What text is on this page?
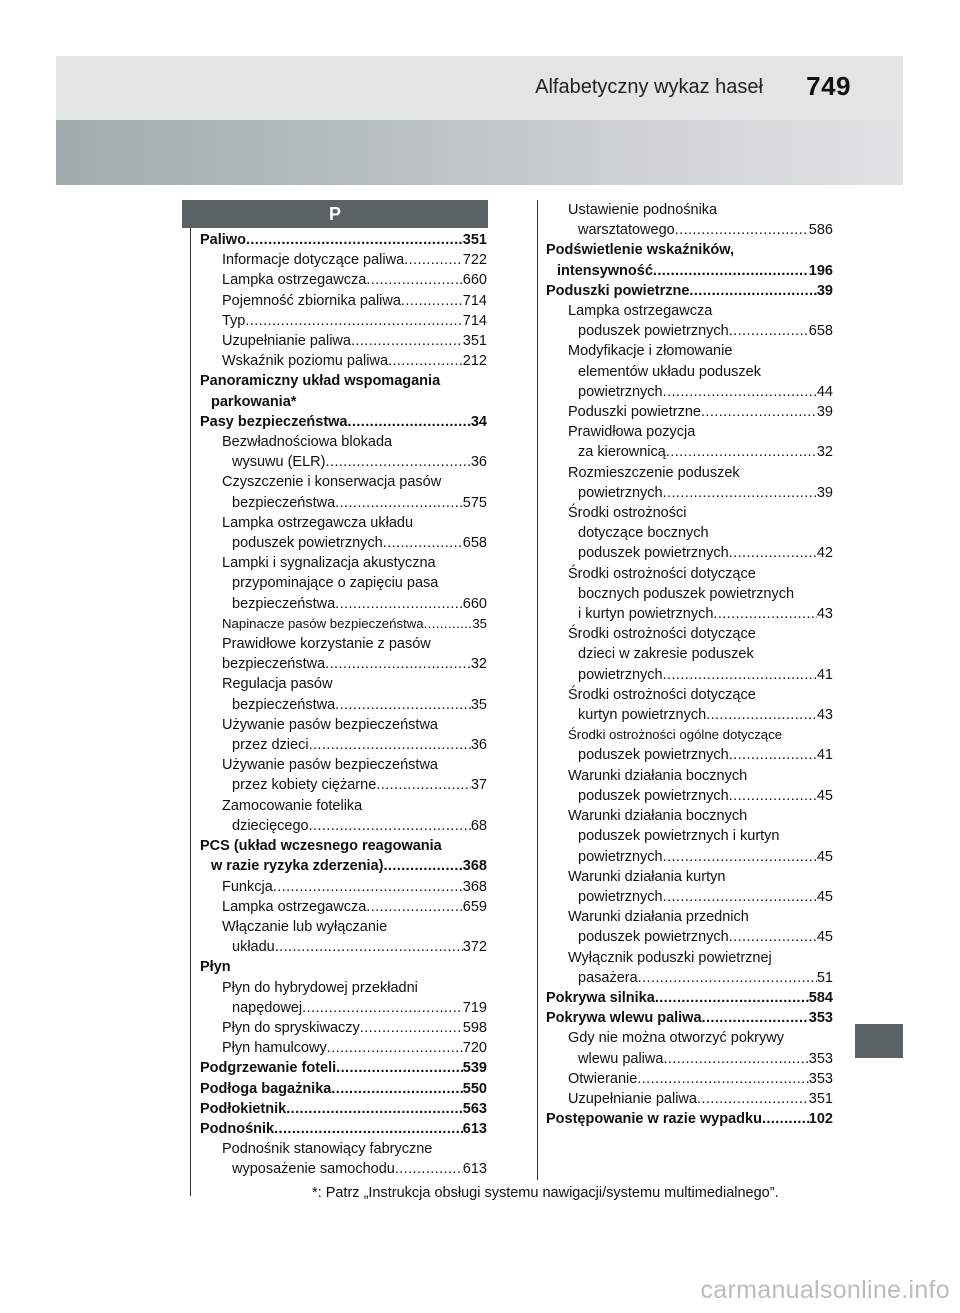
Alfabetyczny wykaz haseł 749
P
Paliwo .....	351
Informacje dotyczące paliwa .....	722
Lampka ostrzegawcza .....	660
Pojemność zbiornika paliwa .....	714
Typ .....	714
Uzupełnianie paliwa .....	351
Wskaźnik poziomu paliwa .....	212
Panoramiczny układ wspomagania
parkowania*
Pasy bezpieczeństwa .....	34
Bezwładnościowa blokada
wysuwu (ELR) .....	36
Czyszczenie i konserwacja pasów
bezpieczeństwa .....	575
Lampka ostrzegawcza układu
poduszek powietrznych .....	658
Lampki i sygnalizacja akustyczna
przypominające o zapięciu pasa
bezpieczeństwa .....	660
Napinacze pasów bezpieczeństwa .....	35
Prawidłowe korzystanie z pasów
bezpieczeństwa .....	32
Regulacja pasów
bezpieczeństwa .....	35
Używanie pasów bezpieczeństwa
przez dzieci .....	36
Używanie pasów bezpieczeństwa
przez kobiety ciężarne .....	37
Zamocowanie fotelika
dziecięcego .....	68
PCS (układ wczesnego reagowania
w razie ryzyka zderzenia) .....	368
Funkcja .....	368
Lampka ostrzegawcza .....	659
Włączanie lub wyłączanie
układu .....	372
Płyn
Płyn do hybrydowej przekładni
napędowej .....	719
Płyn do spryskiwaczy .....	598
Płyn hamulcowy .....	720
Podgrzewanie foteli .....	539
Podłoga bagażnika .....	550
Podłokietnik .....	563
Podnośnik .....	613
Podnośnik stanowiący fabryczne
wyposażenie samochodu .....	613
Ustawienie podnośnika
warsztatowego .....	586
Podświetlenie wskaźników,
intensywność .....	196
Poduszki powietrzne .....	39
Lampka ostrzegawcza
poduszek powietrznych .....	658
Modyfikacje i złomowanie
elementów układu poduszek
powietrznych .....	44
Poduszki powietrzne .....	39
Prawidłowa pozycja
za kierownicą .....	32
Rozmieszczenie poduszek
powietrznych .....	39
Środki ostrożności
dotyczące bocznych
poduszek powietrznych .....	42
Środki ostrożności dotyczące
bocznych poduszek powietrznych
i kurtyn powietrznych .....	43
Środki ostrożności dotyczące
dzieci w zakresie poduszek
powietrznych .....	41
Środki ostrożności dotyczące
kurtyn powietrznych .....	43
Środki ostrożności ogólne dotyczące
poduszek powietrznych .....	41
Warunki działania bocznych
poduszek powietrznych .....	45
Warunki działania bocznych
poduszek powietrznych i kurtyn
powietrznych .....	45
Warunki działania kurtyn
powietrznych .....	45
Warunki działania przednich
poduszek powietrznych .....	45
Wyłącznik poduszki powietrznej
pasażera .....	51
Pokrywa silnika .....	584
Pokrywa wlewu paliwa .....	353
Gdy nie można otworzyć pokrywy
wlewu paliwa .....	353
Otwieranie .....	353
Uzupełnianie paliwa .....	351
Postępowanie w razie wypadku .....	102
*: Patrz „Instrukcja obsługi systemu nawigacji/systemu multimedialnego”.
carmanualsonline.info
